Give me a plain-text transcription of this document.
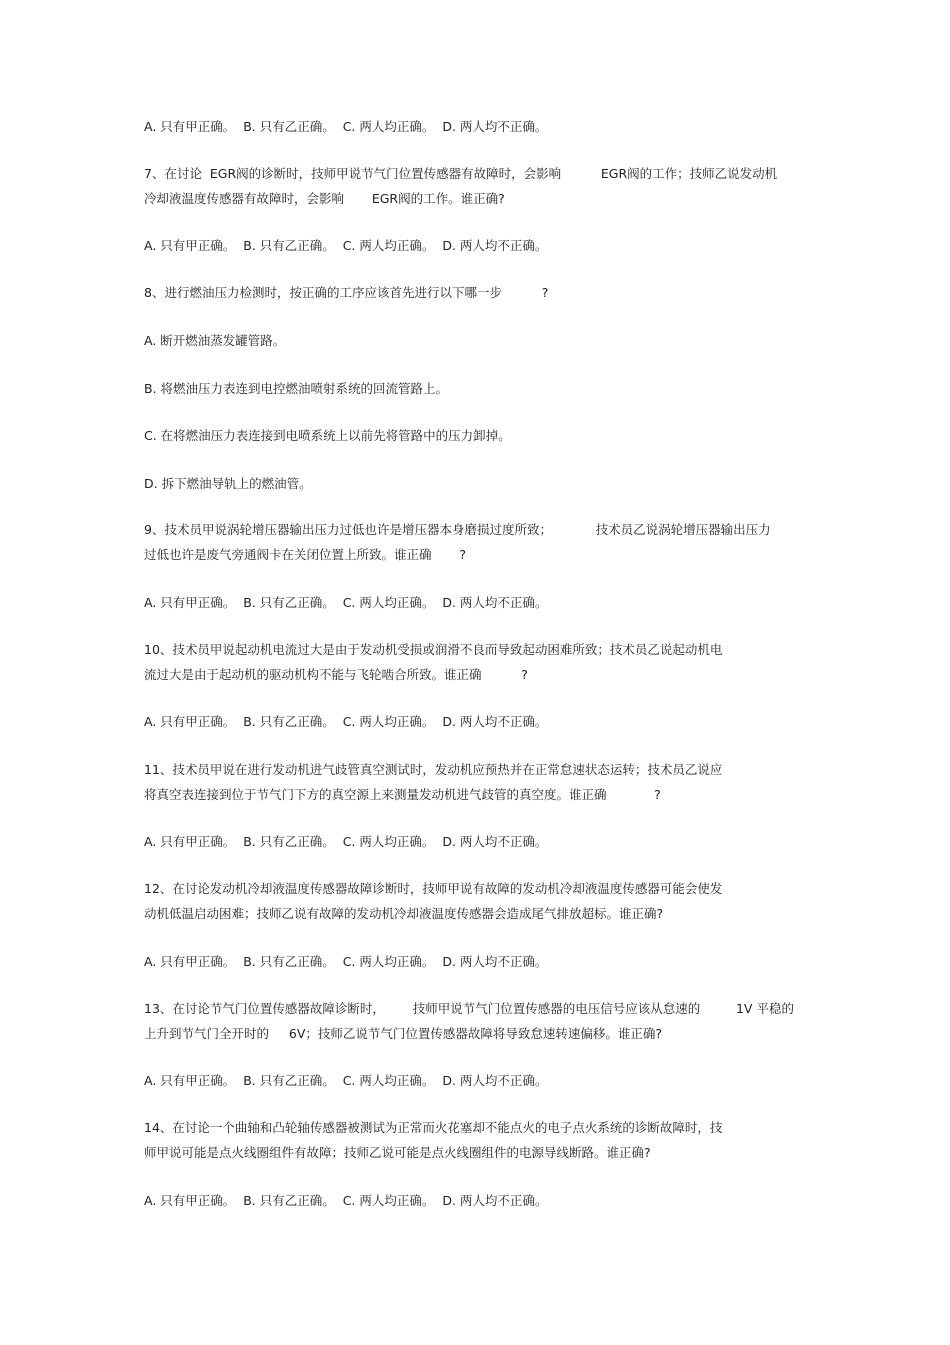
A. 只有甲正确。  B. 只有乙正确。  C. 两人均正确。  D. 两人均不正确。
7、在讨论  EGR阀的诊断时，技师甲说节气门位置传感器有故障时，会影响          EGR阀的工作；技师乙说发动机
冷却液温度传感器有故障时，会影响       EGR阀的工作。谁正确?
A. 只有甲正确。  B. 只有乙正确。  C. 两人均正确。  D. 两人均不正确。
8、进行燃油压力检测时，按正确的工序应该首先进行以下哪一步          ?
A. 断开燃油蒸发罐管路。
B. 将燃油压力表连到电控燃油喷射系统的回流管路上。
C. 在将燃油压力表连接到电喷系统上以前先将管路中的压力卸掉。
D. 拆下燃油导轨上的燃油管。
9、技术员甲说涡轮增压器输出压力过低也许是增压器本身磨损过度所致；           技术员乙说涡轮增压器输出压力
过低也许是废气旁通阀卡在关闭位置上所致。谁正确       ?
A. 只有甲正确。  B. 只有乙正确。  C. 两人均正确。  D. 两人均不正确。
10、技术员甲说起动机电流过大是由于发动机受损或润滑不良而导致起动困难所致；技术员乙说起动机电
流过大是由于起动机的驱动机构不能与飞轮啮合所致。谁正确          ?
A. 只有甲正确。  B. 只有乙正确。  C. 两人均正确。  D. 两人均不正确。
11、技术员甲说在进行发动机进气歧管真空测试时，发动机应预热并在正常怠速状态运转；技术员乙说应
将真空表连接到位于节气门下方的真空源上来测量发动机进气歧管的真空度。谁正确            ?
A. 只有甲正确。  B. 只有乙正确。  C. 两人均正确。  D. 两人均不正确。
12、在讨论发动机冷却液温度传感器故障诊断时，技师甲说有故障的发动机冷却液温度传感器可能会使发
动机低温启动困难；技师乙说有故障的发动机冷却液温度传感器会造成尾气排放超标。谁正确?
A. 只有甲正确。  B. 只有乙正确。  C. 两人均正确。  D. 两人均不正确。
13、在讨论节气门位置传感器故障诊断时，       技师甲说节气门位置传感器的电压信号应该从怠速的         1V 平稳的
上升到节气门全开时的     6V；技师乙说节气门位置传感器故障将导致怠速转速偏移。谁正确?
A. 只有甲正确。  B. 只有乙正确。  C. 两人均正确。  D. 两人均不正确。
14、在讨论一个曲轴和凸轮轴传感器被测试为正常而火花塞却不能点火的电子点火系统的诊断故障时，技
师甲说可能是点火线圈组件有故障；技师乙说可能是点火线圈组件的电源导线断路。谁正确?
A. 只有甲正确。  B. 只有乙正确。  C. 两人均正确。  D. 两人均不正确。
